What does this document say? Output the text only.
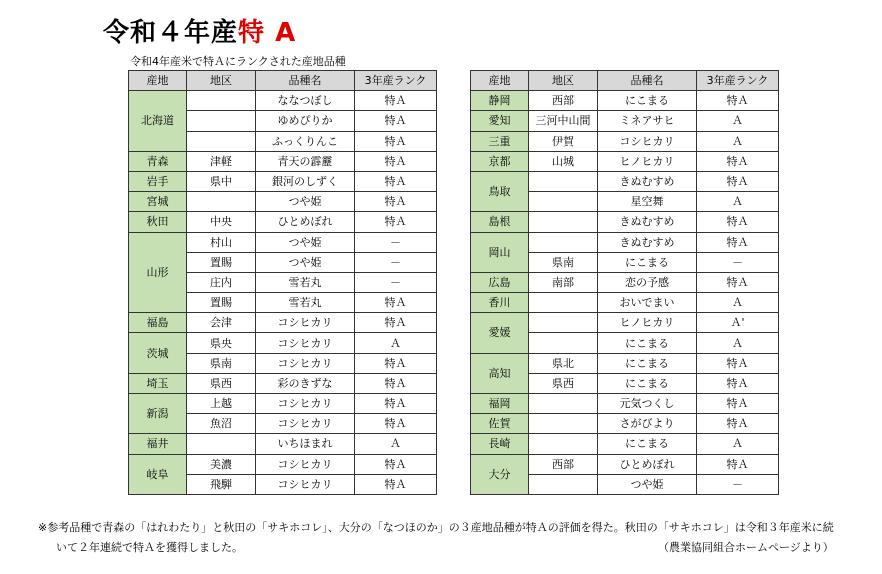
令和４年産特 A
令和4年産米で特Ａにランクされた産地品種
産地	地区	品種名	3年産ランク
北海道		ななつぼし	特Ａ
		ゆめぴりか	特Ａ
		ふっくりんこ	特Ａ
青森	津軽	青天の霹靂	特Ａ
岩手	県中	銀河のしずく	特Ａ
宮城		つや姫	特Ａ
秋田	中央	ひとめぼれ	特Ａ
山形	村山	つや姫	－
	置賜	つや姫	－
	庄内	雪若丸	－
	置賜	雪若丸	特Ａ
福島	会津	コシヒカリ	特Ａ
茨城	県央	コシヒカリ	Ａ
	県南	コシヒカリ	特Ａ
埼玉	県西	彩のきずな	特Ａ
新潟	上越	コシヒカリ	特Ａ
	魚沼	コシヒカリ	特Ａ
福井		いちほまれ	Ａ
岐阜	美濃	コシヒカリ	特Ａ
	飛騨	コシヒカリ	特Ａ
産地	地区	品種名	3年産ランク
静岡	西部	にこまる	特Ａ
愛知	三河中山間	ミネアサヒ	Ａ
三重	伊賀	コシヒカリ	Ａ
京都	山城	ヒノヒカリ	特Ａ
鳥取		きぬむすめ	特Ａ
		星空舞	Ａ
島根		きぬむすめ	特Ａ
岡山		きぬむすめ	特Ａ
	県南	にこまる	－
広島	南部	恋の予感	特Ａ
香川		おいでまい	Ａ
愛媛		ヒノヒカリ	Ａ'
		にこまる	Ａ
高知	県北	にこまる	特Ａ
	県西	にこまる	特Ａ
福岡		元気つくし	特Ａ
佐賀		さがびより	特Ａ
長崎		にこまる	Ａ
大分	西部	ひとめぼれ	特Ａ
		つや姫	－
※参考品種で青森の「はれわたり」と秋田の「サキホコレ」、大分の「なつほのか」の３産地品種が特Ａの評価を得た。秋田の「サキホコレ」は令和３年産米に続
いて２年連続で特Ａを獲得しました。	（農業協同組合ホームページより）
